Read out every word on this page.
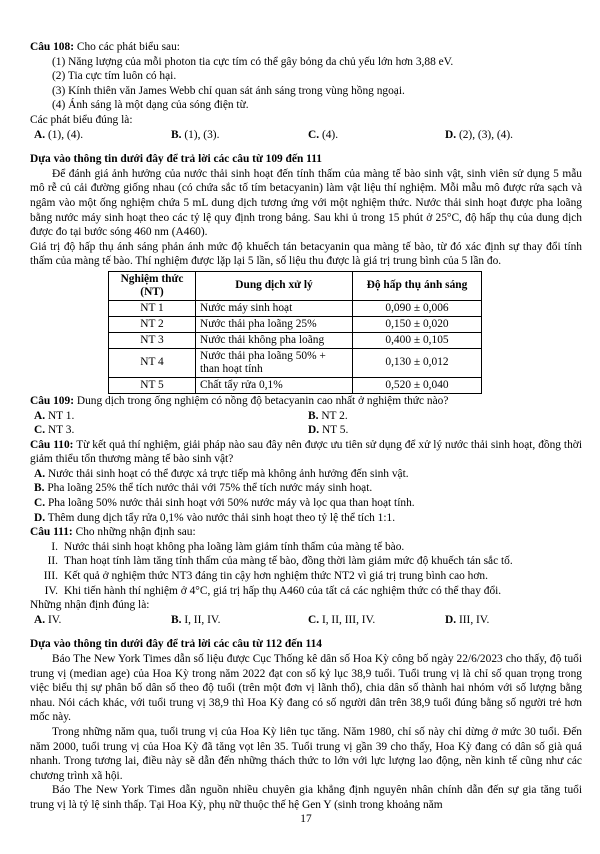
Câu 108: Cho các phát biểu sau:

(1) Năng lượng của mỗi photon tia cực tím có thể gây bỏng da chủ yếu lớn hơn 3,88 eV.

(2) Tia cực tím luôn có hại.

(3) Kính thiên văn James Webb chỉ quan sát ánh sáng trong vùng hồng ngoại.

(4) Ánh sáng là một dạng của sóng điện từ.

Các phát biểu đúng là:

A. (1), (4).	B. (1), (3).	C. (4).	D. (2), (3), (4).

Dựa vào thông tin dưới đây để trả lời các câu từ 109 đến 111

Để đánh giá ảnh hưởng của nước thải sinh hoạt đến tính thấm của màng tế bào sinh vật, sinh viên sử dụng 5 mẫu mô rễ củ cải đường giống nhau (có chứa sắc tố tím betacyanin) làm vật liệu thí nghiệm. Mỗi mẫu mô được rửa sạch và ngâm vào một ống nghiệm chứa 5 mL dung dịch tương ứng với một nghiệm thức. Nước thải sinh hoạt được pha loãng bằng nước máy sinh hoạt theo các tỷ lệ quy định trong bảng. Sau khi ủ trong 15 phút ở 25°C, độ hấp thụ của dung dịch được đo tại bước sóng 460 nm (A460).

Giá trị độ hấp thụ ánh sáng phản ánh mức độ khuếch tán betacyanin qua màng tế bào, từ đó xác định sự thay đổi tính thấm của màng tế bào. Thí nghiệm được lặp lại 5 lần, số liệu thu được là giá trị trung bình của 5 lần đo.

Nghiệm thức (NT)	Dung dịch xử lý	Độ hấp thụ ánh sáng
NT 1	Nước máy sinh hoạt	0,090 ± 0,006
NT 2	Nước thải pha loãng 25%	0,150 ± 0,020
NT 3	Nước thải không pha loãng	0,400 ± 0,105
NT 4	Nước thải pha loãng 50% + than hoạt tính	0,130 ± 0,012
NT 5	Chất tẩy rửa 0,1%	0,520 ± 0,040

Câu 109: Dung dịch trong ống nghiệm có nồng độ betacyanin cao nhất ở nghiệm thức nào?

A. NT 1.	B. NT 2.
C. NT 3.	D. NT 5.

Câu 110: Từ kết quả thí nghiệm, giải pháp nào sau đây nên được ưu tiên sử dụng để xử lý nước thải sinh hoạt, đồng thời giảm thiểu tổn thương màng tế bào sinh vật?

A. Nước thải sinh hoạt có thể được xả trực tiếp mà không ảnh hưởng đến sinh vật.

B. Pha loãng 25% thể tích nước thải với 75% thể tích nước máy sinh hoạt.

C. Pha loãng 50% nước thải sinh hoạt với 50% nước máy và lọc qua than hoạt tính.

D. Thêm dung dịch tẩy rửa 0,1% vào nước thải sinh hoạt theo tỷ lệ thể tích 1:1.

Câu 111: Cho những nhận định sau:

I. Nước thải sinh hoạt không pha loãng làm giảm tính thấm của màng tế bào.
II. Than hoạt tính làm tăng tính thấm của màng tế bào, đồng thời làm giảm mức độ khuếch tán sắc tố.
III. Kết quả ở nghiệm thức NT3 đáng tin cậy hơn nghiệm thức NT2 vì giá trị trung bình cao hơn.
IV. Khi tiến hành thí nghiệm ở 4°C, giá trị hấp thụ A460 của tất cả các nghiệm thức có thể thay đổi.

Những nhận định đúng là:

A. IV.	B. I, II, IV.	C. I, II, III, IV.	D. III, IV.

Dựa vào thông tin dưới đây để trả lời các câu từ 112 đến 114

Báo The New York Times dẫn số liệu được Cục Thống kê dân số Hoa Kỳ công bố ngày 22/6/2023 cho thấy, độ tuổi trung vị (median age) của Hoa Kỳ trong năm 2022 đạt con số kỷ lục 38,9 tuổi. Tuổi trung vị là chỉ số quan trọng trong việc biểu thị sự phân bố dân số theo độ tuổi (trên một đơn vị lãnh thổ), chia dân số thành hai nhóm với số lượng bằng nhau. Nói cách khác, với tuổi trung vị 38,9 thì Hoa Kỳ đang có số người dân trên 38,9 tuổi đúng bằng số người trẻ hơn mốc này.

Trong những năm qua, tuổi trung vị của Hoa Kỳ liên tục tăng. Năm 1980, chỉ số này chỉ dừng ở mức 30 tuổi. Đến năm 2000, tuổi trung vị của Hoa Kỳ đã tăng vọt lên 35. Tuổi trung vị gần 39 cho thấy, Hoa Kỳ đang có dân số già quá nhanh. Trong tương lai, điều này sẽ dẫn đến những thách thức to lớn với lực lượng lao động, nền kinh tế cũng như các chương trình xã hội.

Báo The New York Times dẫn nguồn nhiều chuyên gia khẳng định nguyên nhân chính dẫn đến sự gia tăng tuổi trung vị là tỷ lệ sinh thấp. Tại Hoa Kỳ, phụ nữ thuộc thế hệ Gen Y (sinh trong khoảng năm

17
